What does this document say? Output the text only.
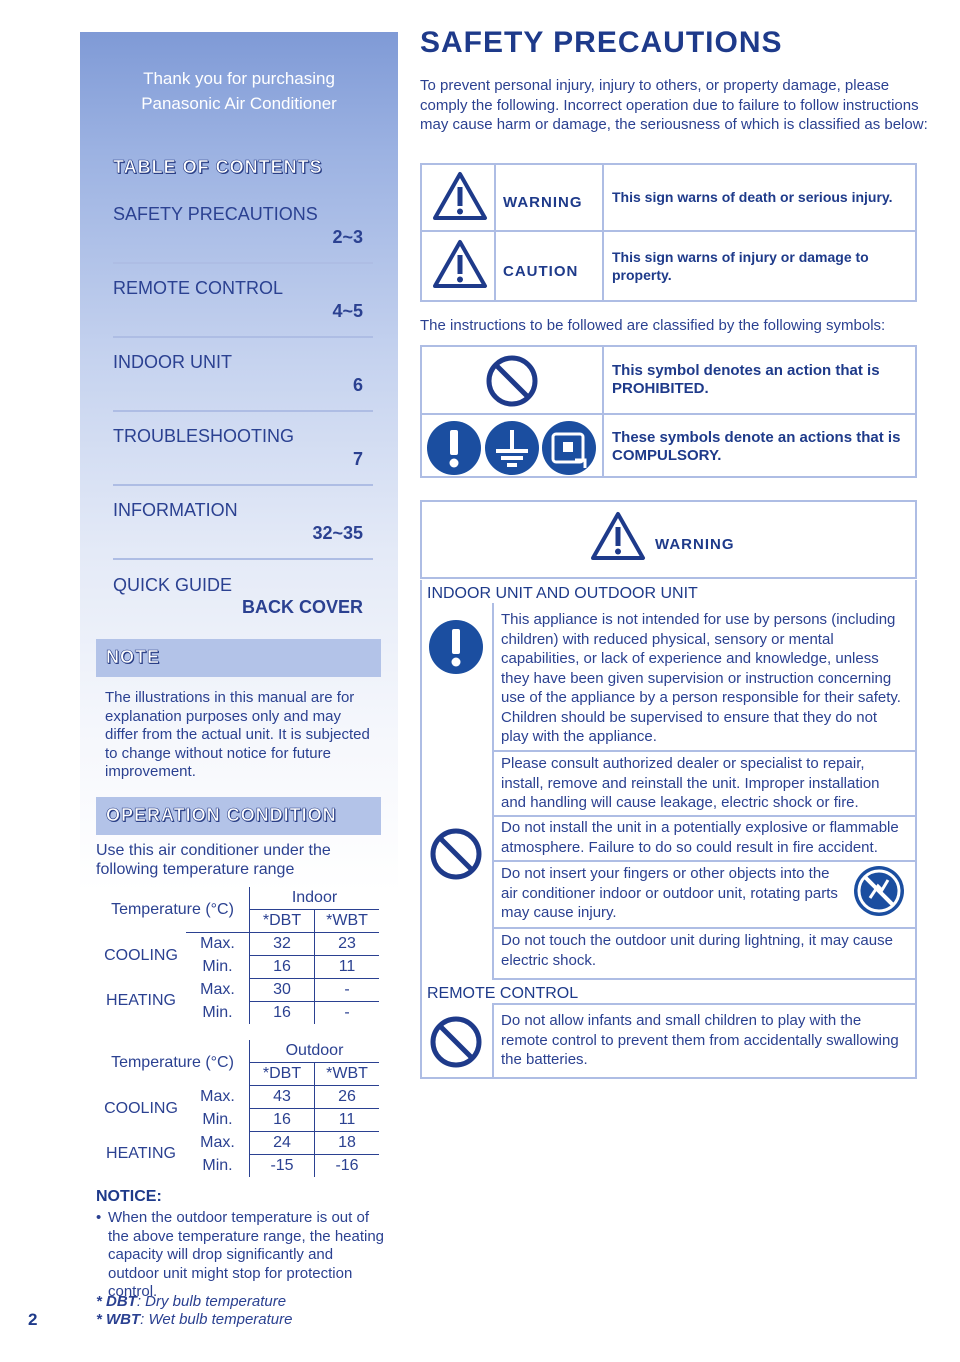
Thank you for purchasing
Panasonic Air Conditioner
TABLE OF CONTENTS
SAFETY PRECAUTIONS
2~3
REMOTE CONTROL
4~5
INDOOR UNIT
6
TROUBLESHOOTING
7
INFORMATION
32~35
QUICK GUIDE
BACK COVER
NOTE
The illustrations in this manual are for explanation purposes only and may differ from the actual unit. It is subjected to change without notice for future improvement.
OPERATION CONDITION
Use this air conditioner under the following temperature range
Temperature (°C)		Indoor	
		*DBT	*WBT
COOLING	Max.	32	23
	Min.	16	11
HEATING	Max.	30	-
	Min.	16	-
Temperature (°C)		Outdoor	
		*DBT	*WBT
COOLING	Max.	43	26
	Min.	16	11
HEATING	Max.	24	18
	Min.	-15	-16
NOTICE:
• When the outdoor temperature is out of the above temperature range, the heating capacity will drop significantly and outdoor unit might stop for protection control.
* DBT: Dry bulb temperature
* WBT: Wet bulb temperature
2
SAFETY PRECAUTIONS
To prevent personal injury, injury to others, or property damage, please comply the following. Incorrect operation due to failure to follow instructions may cause harm or damage, the seriousness of which is classified as below:
WARNING This sign warns of death or serious injury.
CAUTION
This sign warns of injury or damage to property.
The instructions to be followed are classified by the following symbols:
This symbol denotes an action that is PROHIBITED.
These symbols denote an actions that is COMPULSORY.
WARNING
INDOOR UNIT AND OUTDOOR UNIT
This appliance is not intended for use by persons (including children) with reduced physical, sensory or mental capabilities, or lack of experience and knowledge, unless they have been given supervision or instruction concerning use of the appliance by a person responsible for their safety. Children should be supervised to ensure that they do not play with the appliance.
Please consult authorized dealer or specialist to repair, install, remove and reinstall the unit. Improper installation and handling will cause leakage, electric shock or fire.
Do not install the unit in a potentially explosive or flammable atmosphere. Failure to do so could result in fire accident.
Do not insert your fingers or other objects into the air conditioner indoor or outdoor unit, rotating parts may cause injury.
Do not touch the outdoor unit during lightning, it may cause electric shock.
REMOTE CONTROL
Do not allow infants and small children to play with the remote control to prevent them from accidentally swallowing the batteries.
